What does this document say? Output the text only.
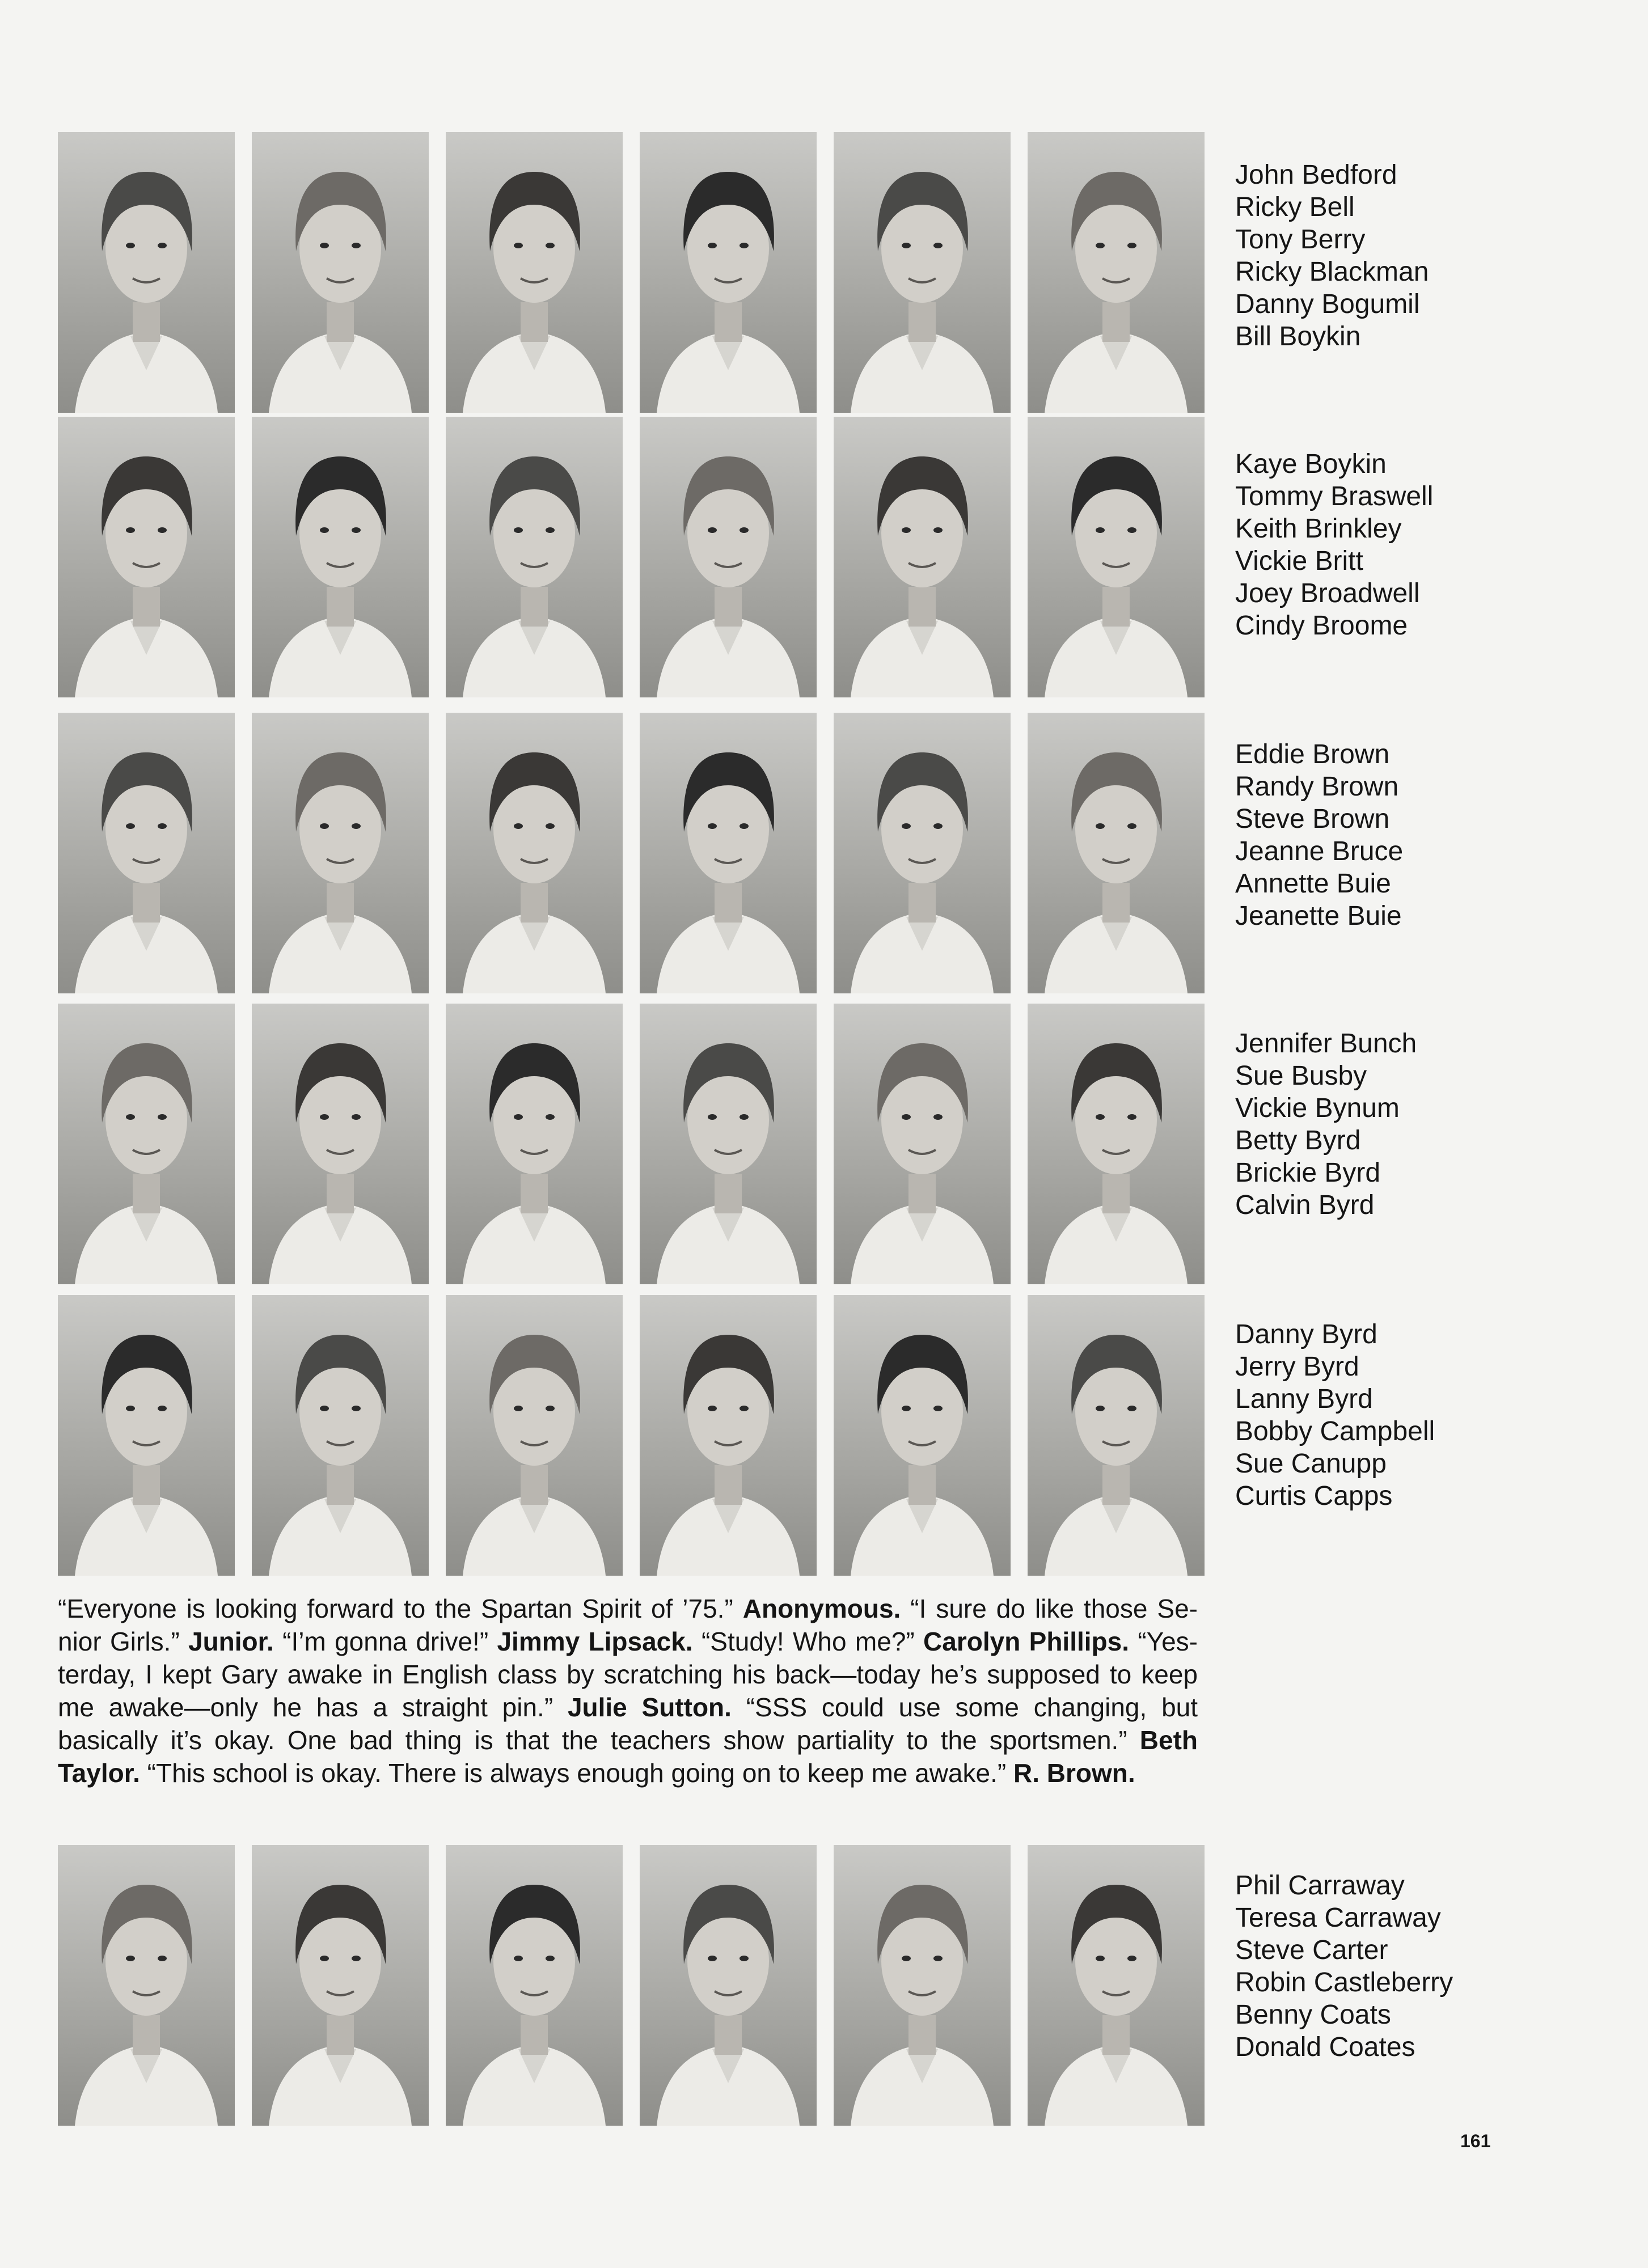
John Bedford
Ricky Bell
Tony Berry
Ricky Blackman
Danny Bogumil
Bill Boykin
Kaye Boykin
Tommy Braswell
Keith Brinkley
Vickie Britt
Joey Broadwell
Cindy Broome
Eddie Brown
Randy Brown
Steve Brown
Jeanne Bruce
Annette Buie
Jeanette Buie
Jennifer Bunch
Sue Busby
Vickie Bynum
Betty Byrd
Brickie Byrd
Calvin Byrd
Danny Byrd
Jerry Byrd
Lanny Byrd
Bobby Campbell
Sue Canupp
Curtis Capps
“Everyone is looking forward to the Spartan Spirit of ’75.” Anonymous. “I sure do like those Se-nior Girls.” Junior. “I’m gonna drive!” Jimmy Lipsack. “Study! Who me?” Carolyn Phillips. “Yes-terday, I kept Gary awake in English class by scratching his back—today he’s supposed to keep me awake—only he has a straight pin.” Julie Sutton. “SSS could use some changing, but basically it’s okay. One bad thing is that the teachers show partiality to the sportsmen.” Beth Taylor. “This school is okay. There is always enough going on to keep me awake.” R. Brown.
Phil Carraway
Teresa Carraway
Steve Carter
Robin Castleberry
Benny Coats
Donald Coates
161
